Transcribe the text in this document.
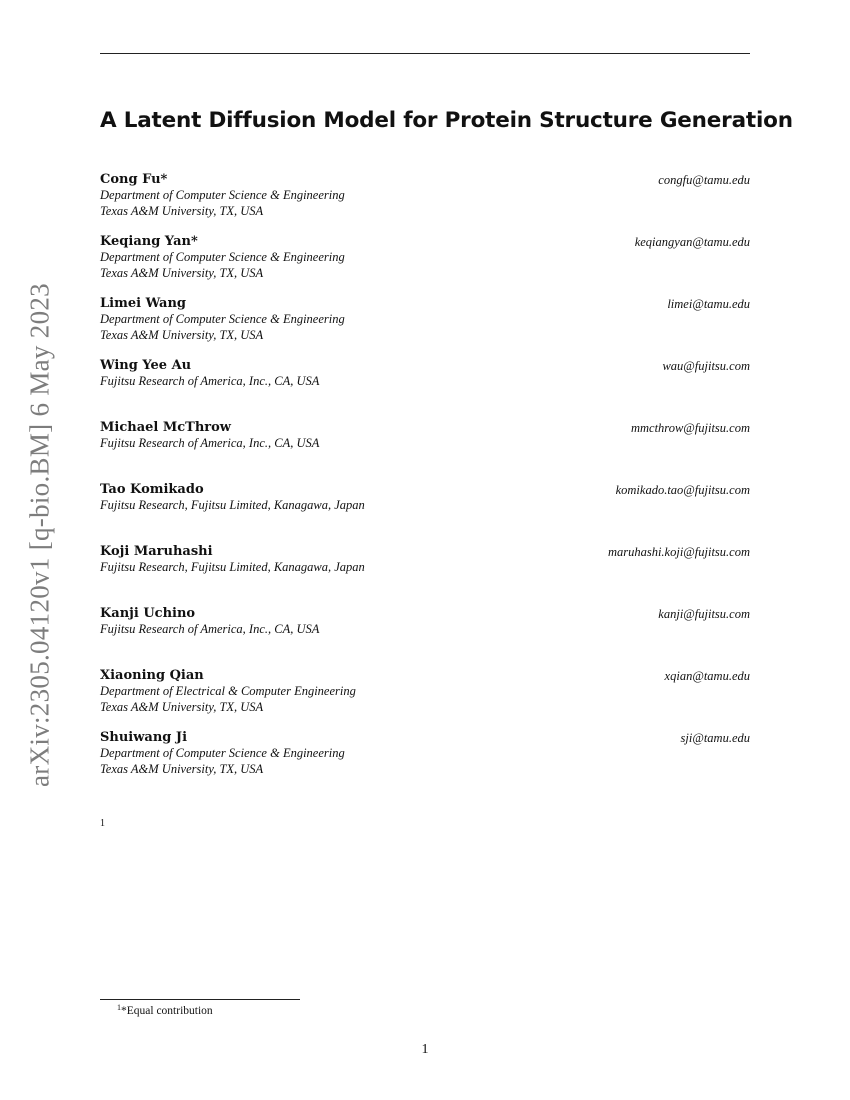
arXiv:2305.04120v1 [q-bio.BM] 6 May 2023
A Latent Diffusion Model for Protein Structure Generation
Cong Fu*	congfu@tamu.edu
Department of Computer Science & Engineering
Texas A&M University, TX, USA
Keqiang Yan*	keqiangyan@tamu.edu
Department of Computer Science & Engineering
Texas A&M University, TX, USA
Limei Wang	limei@tamu.edu
Department of Computer Science & Engineering
Texas A&M University, TX, USA
Wing Yee Au	wau@fujitsu.com
Fujitsu Research of America, Inc., CA, USA
Michael McThrow	mmcthrow@fujitsu.com
Fujitsu Research of America, Inc., CA, USA
Tao Komikado	komikado.tao@fujitsu.com
Fujitsu Research, Fujitsu Limited, Kanagawa, Japan
Koji Maruhashi	maruhashi.koji@fujitsu.com
Fujitsu Research, Fujitsu Limited, Kanagawa, Japan
Kanji Uchino	kanji@fujitsu.com
Fujitsu Research of America, Inc., CA, USA
Xiaoning Qian	xqian@tamu.edu
Department of Electrical & Computer Engineering
Texas A&M University, TX, USA
Shuiwang Ji	sji@tamu.edu
Department of Computer Science & Engineering
Texas A&M University, TX, USA
1
$^1$*Equal contribution
1
